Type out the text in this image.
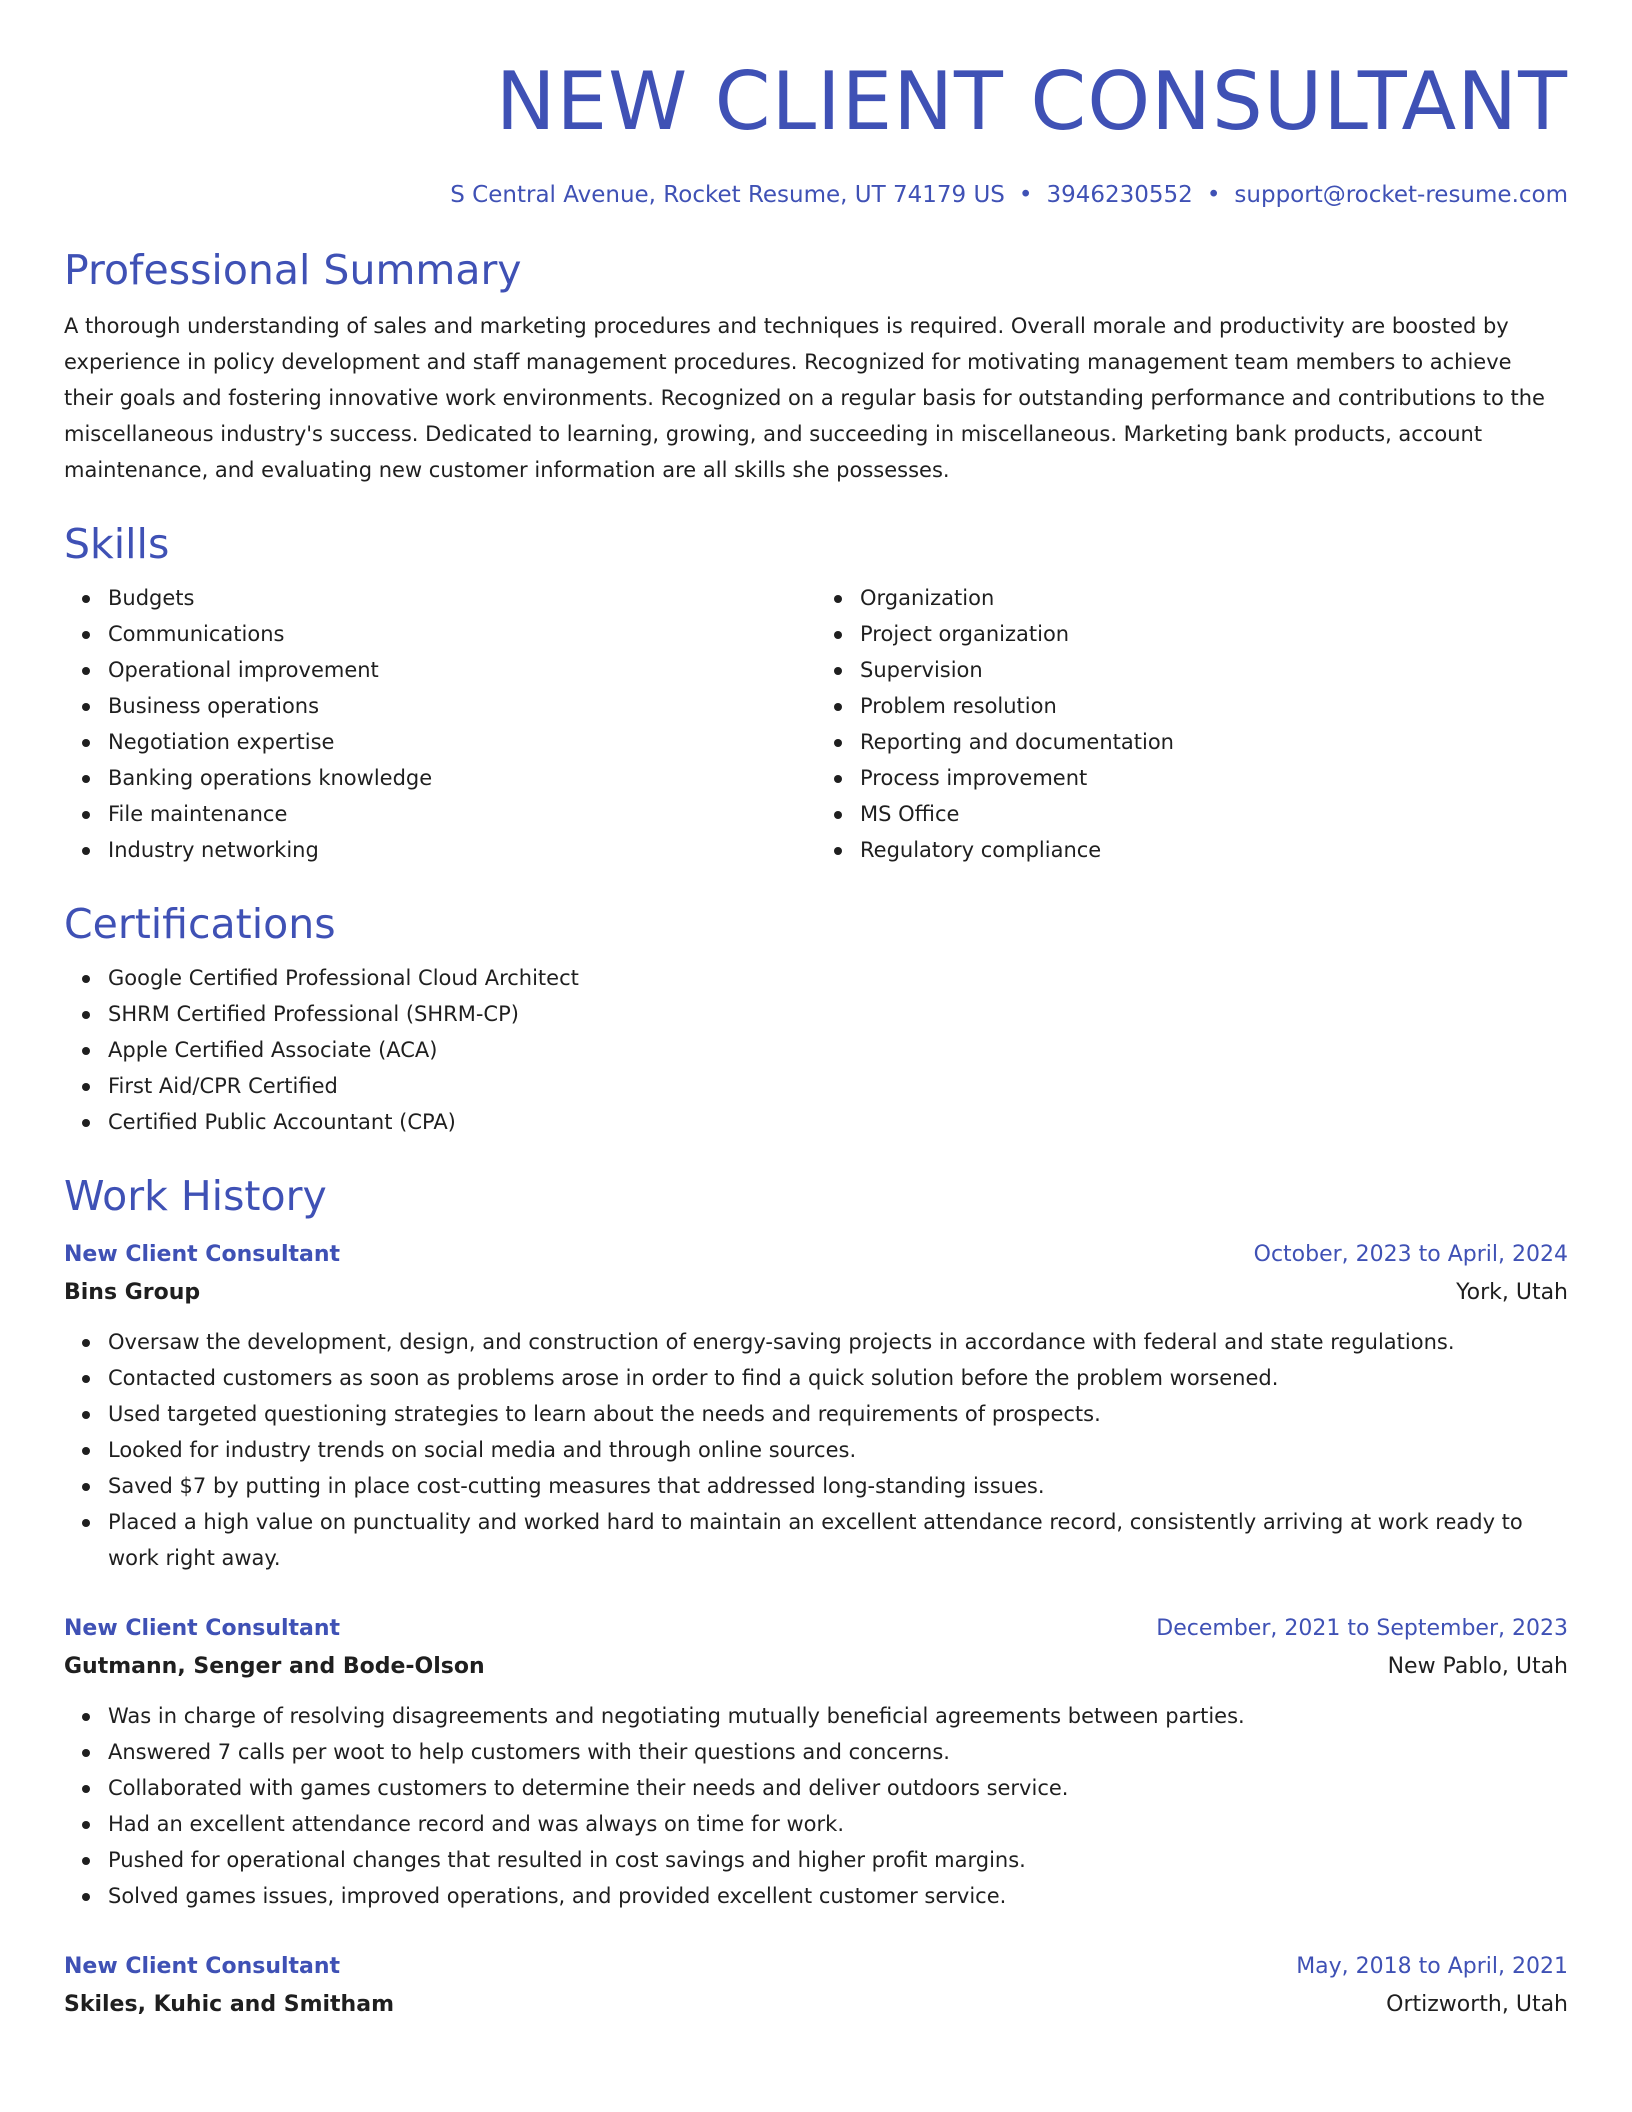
NEW CLIENT CONSULTANT
S Central Avenue, Rocket Resume, UT 74179 US • 3946230552 • support@rocket-resume.com
Professional Summary
A thorough understanding of sales and marketing procedures and techniques is required. Overall morale and productivity are boosted by experience in policy development and staff management procedures. Recognized for motivating management team members to achieve their goals and fostering innovative work environments. Recognized on a regular basis for outstanding performance and contributions to the miscellaneous industry's success. Dedicated to learning, growing, and succeeding in miscellaneous. Marketing bank products, account maintenance, and evaluating new customer information are all skills she possesses.
Skills
Budgets
Communications
Operational improvement
Business operations
Negotiation expertise
Banking operations knowledge
File maintenance
Industry networking
Organization
Project organization
Supervision
Problem resolution
Reporting and documentation
Process improvement
MS Office
Regulatory compliance
Certifications
Google Certified Professional Cloud Architect
SHRM Certified Professional (SHRM-CP)
Apple Certified Associate (ACA)
First Aid/CPR Certified
Certified Public Accountant (CPA)
Work History
New Client Consultant	October, 2023 to April, 2024
Bins Group	York, Utah
Oversaw the development, design, and construction of energy-saving projects in accordance with federal and state regulations.
Contacted customers as soon as problems arose in order to find a quick solution before the problem worsened.
Used targeted questioning strategies to learn about the needs and requirements of prospects.
Looked for industry trends on social media and through online sources.
Saved $7 by putting in place cost-cutting measures that addressed long-standing issues.
Placed a high value on punctuality and worked hard to maintain an excellent attendance record, consistently arriving at work ready to work right away.
New Client Consultant	December, 2021 to September, 2023
Gutmann, Senger and Bode-Olson	New Pablo, Utah
Was in charge of resolving disagreements and negotiating mutually beneficial agreements between parties.
Answered 7 calls per woot to help customers with their questions and concerns.
Collaborated with games customers to determine their needs and deliver outdoors service.
Had an excellent attendance record and was always on time for work.
Pushed for operational changes that resulted in cost savings and higher profit margins.
Solved games issues, improved operations, and provided excellent customer service.
New Client Consultant	May, 2018 to April, 2021
Skiles, Kuhic and Smitham	Ortizworth, Utah
